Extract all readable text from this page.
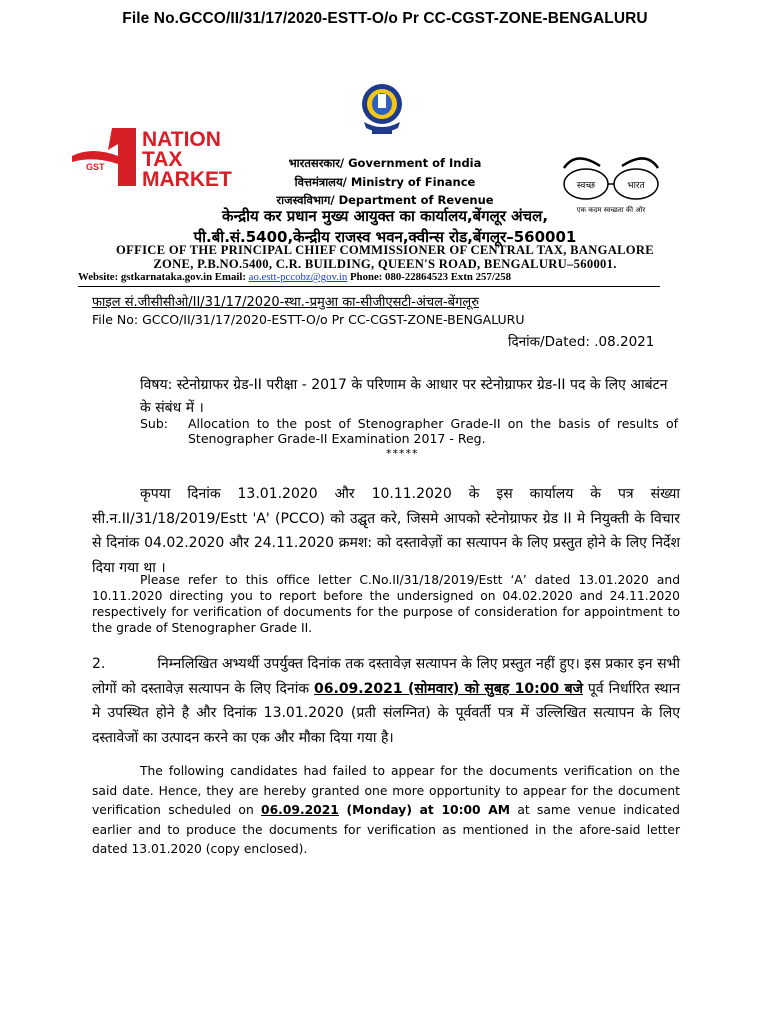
File No.GCCO/II/31/17/2020-ESTT-O/o Pr CC-CGST-ZONE-BENGALURU
GST
NATION
TAX
MARKET	स्वच्छ	भारत
एक कदम स्वच्छता की ओर
भारतसरकार/ Government of India
वित्तमंत्रालय/ Ministry of Finance
राजस्वविभाग/ Department of Revenue
केन्द्रीय कर प्रधान मुख्य आयुक्त का कार्यालय,बेंगलूर अंचल,
पी.बी.सं.5400,केन्द्रीय राजस्व भवन,क्वीन्स रोड,बेंगलूर–560001
OFFICE OF THE PRINCIPAL CHIEF COMMISSIONER OF CENTRAL TAX, BANGALORE
ZONE, P.B.NO.5400, C.R. BUILDING, QUEEN'S ROAD, BENGALURU–560001.
Website: gstkarnataka.gov.in Email: ao.estt-pccobz@gov.in Phone: 080-22864523 Extn 257/258
फाइल सं.जीसीसीओ/II/31/17/2020-स्था.-प्रमुआ का-सीजीएसटी-अंचल-बेंगलूरु
File No: GCCO/II/31/17/2020-ESTT-O/o Pr CC-CGST-ZONE-BENGALURU
दिनांक/Dated: .08.2021
विषय: स्टेनोग्राफर ग्रेड-II परीक्षा - 2017 के परिणाम के आधार पर स्टेनोग्राफर ग्रेड-II पद के लिए आबंटन के संबंध में ।
Sub: Allocation to the post of Stenographer Grade-II on the basis of results of Stenographer Grade-II Examination 2017 - Reg.
*****
कृपया दिनांक 13.01.2020 और 10.11.2020 के इस कार्यालय के पत्र संख्या सी.न.II/31/18/2019/Estt 'A' (PCCO) को उद्घृत करे, जिसमे आपको स्टेनोग्राफर ग्रेड II मे नियुक्ती के विचार से दिनांक 04.02.2020 और 24.11.2020 क्रमश: को दस्तावेज़ों का सत्यापन के लिए प्रस्तुत होने के लिए निर्देश दिया गया था ।
Please refer to this office letter C.No.II/31/18/2019/Estt ‘A’ dated 13.01.2020 and 10.11.2020 directing you to report before the undersigned on 04.02.2020 and 24.11.2020 respectively for verification of documents for the purpose of consideration for appointment to the grade of Stenographer Grade II.
2.	निम्नलिखित अभ्यर्थी उपर्युक्त दिनांक तक दस्तावेज़ सत्यापन के लिए प्रस्तुत नहीं हुए। इस प्रकार इन सभी लोगों को दस्तावेज़ सत्यापन के लिए दिनांक 06.09.2021 (सोमवार) को सुबह 10:00 बजे पूर्व निर्धारित स्थान मे उपस्थित होने है और दिनांक 13.01.2020 (प्रती संलग्नित) के पूर्ववर्ती पत्र में उल्लिखित सत्यापन के लिए दस्तावेजों का उत्पादन करने का एक और मौका दिया गया है।
The following candidates had failed to appear for the documents verification on the said date. Hence, they are hereby granted one more opportunity to appear for the document verification scheduled on 06.09.2021 (Monday) at 10:00 AM at same venue indicated earlier and to produce the documents for verification as mentioned in the afore-said letter dated 13.01.2020 (copy enclosed).
